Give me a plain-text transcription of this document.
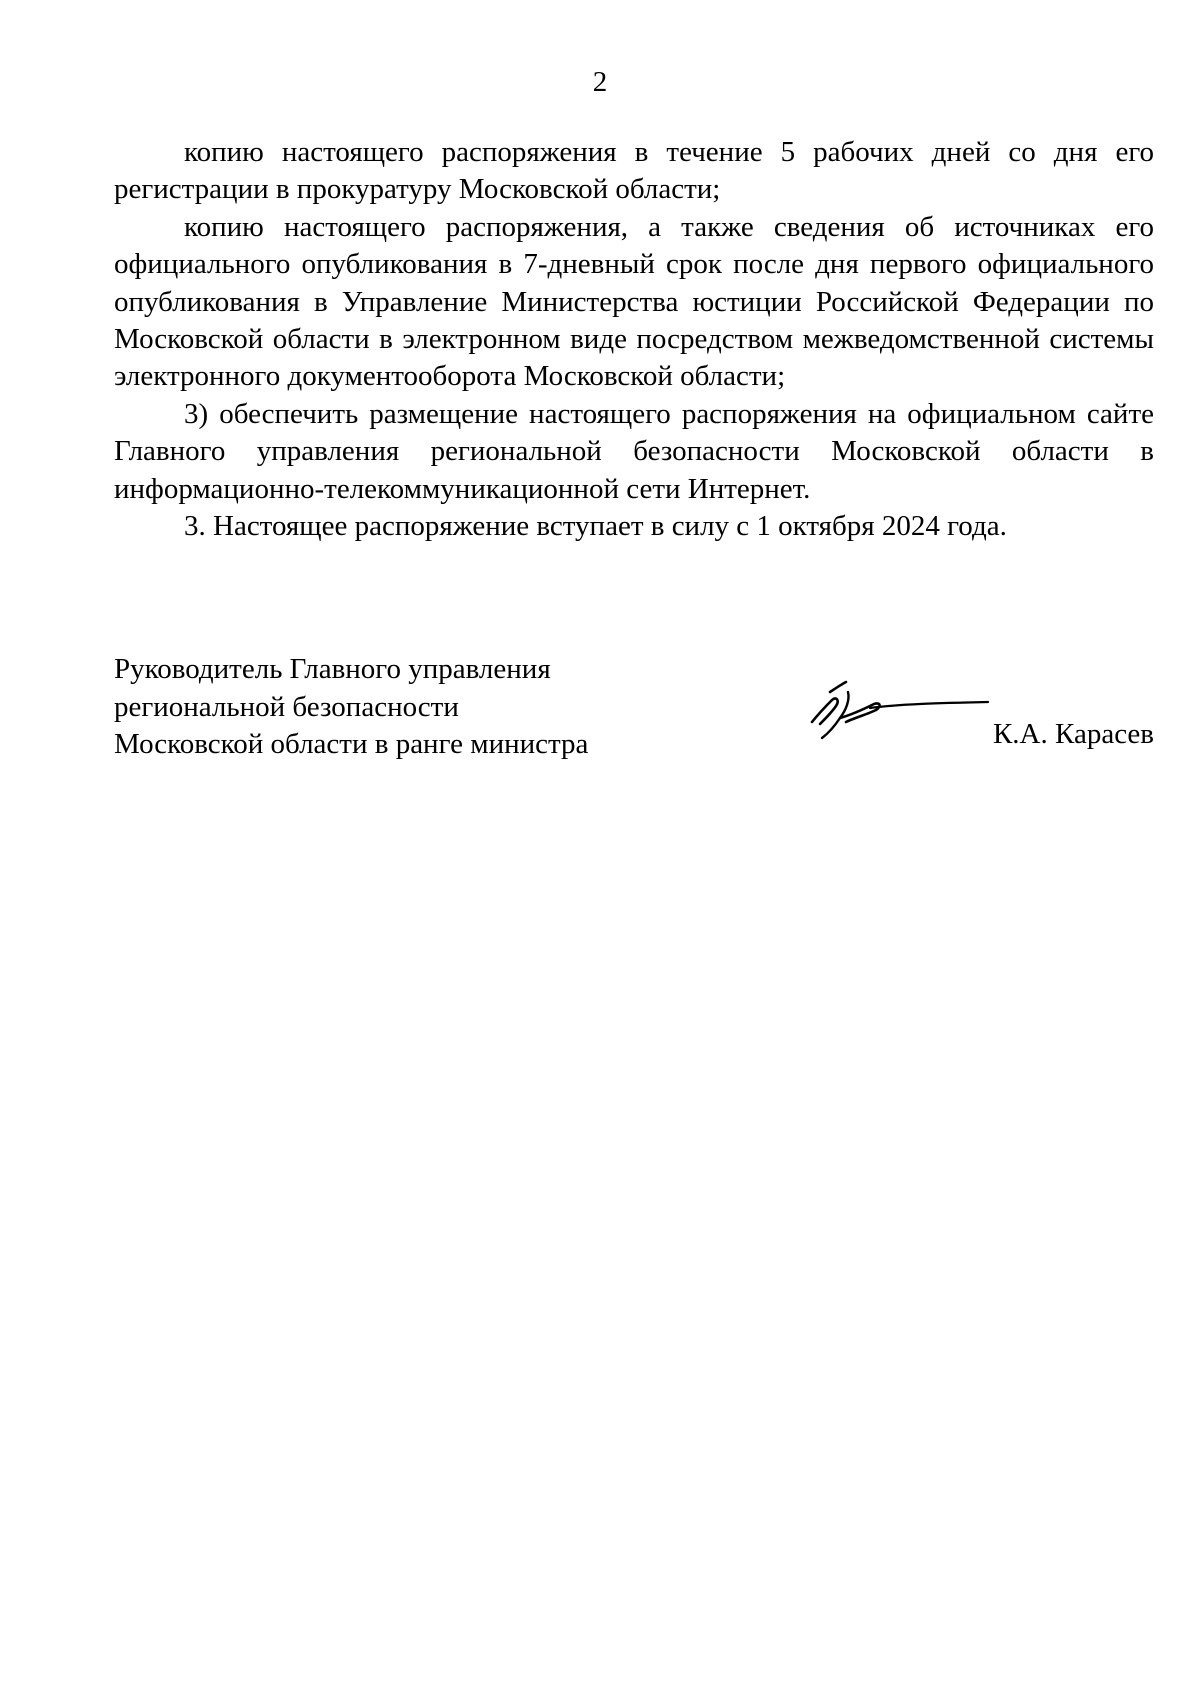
2

копию настоящего распоряжения в течение 5 рабочих дней со дня его регистрации в прокуратуру Московской области;

копию настоящего распоряжения, а также сведения об источниках его официального опубликования в 7-дневный срок после дня первого официального опубликования в Управление Министерства юстиции Российской Федерации по Московской области в электронном виде посредством межведомственной системы электронного документооборота Московской области;

3) обеспечить размещение настоящего распоряжения на официальном сайте Главного управления региональной безопасности Московской области в информационно-телекоммуникационной сети Интернет.

3. Настоящее распоряжение вступает в силу с 1 октября 2024 года.

Руководитель Главного управления
региональной безопасности
Московской области в ранге министра	К.А. Карасев
